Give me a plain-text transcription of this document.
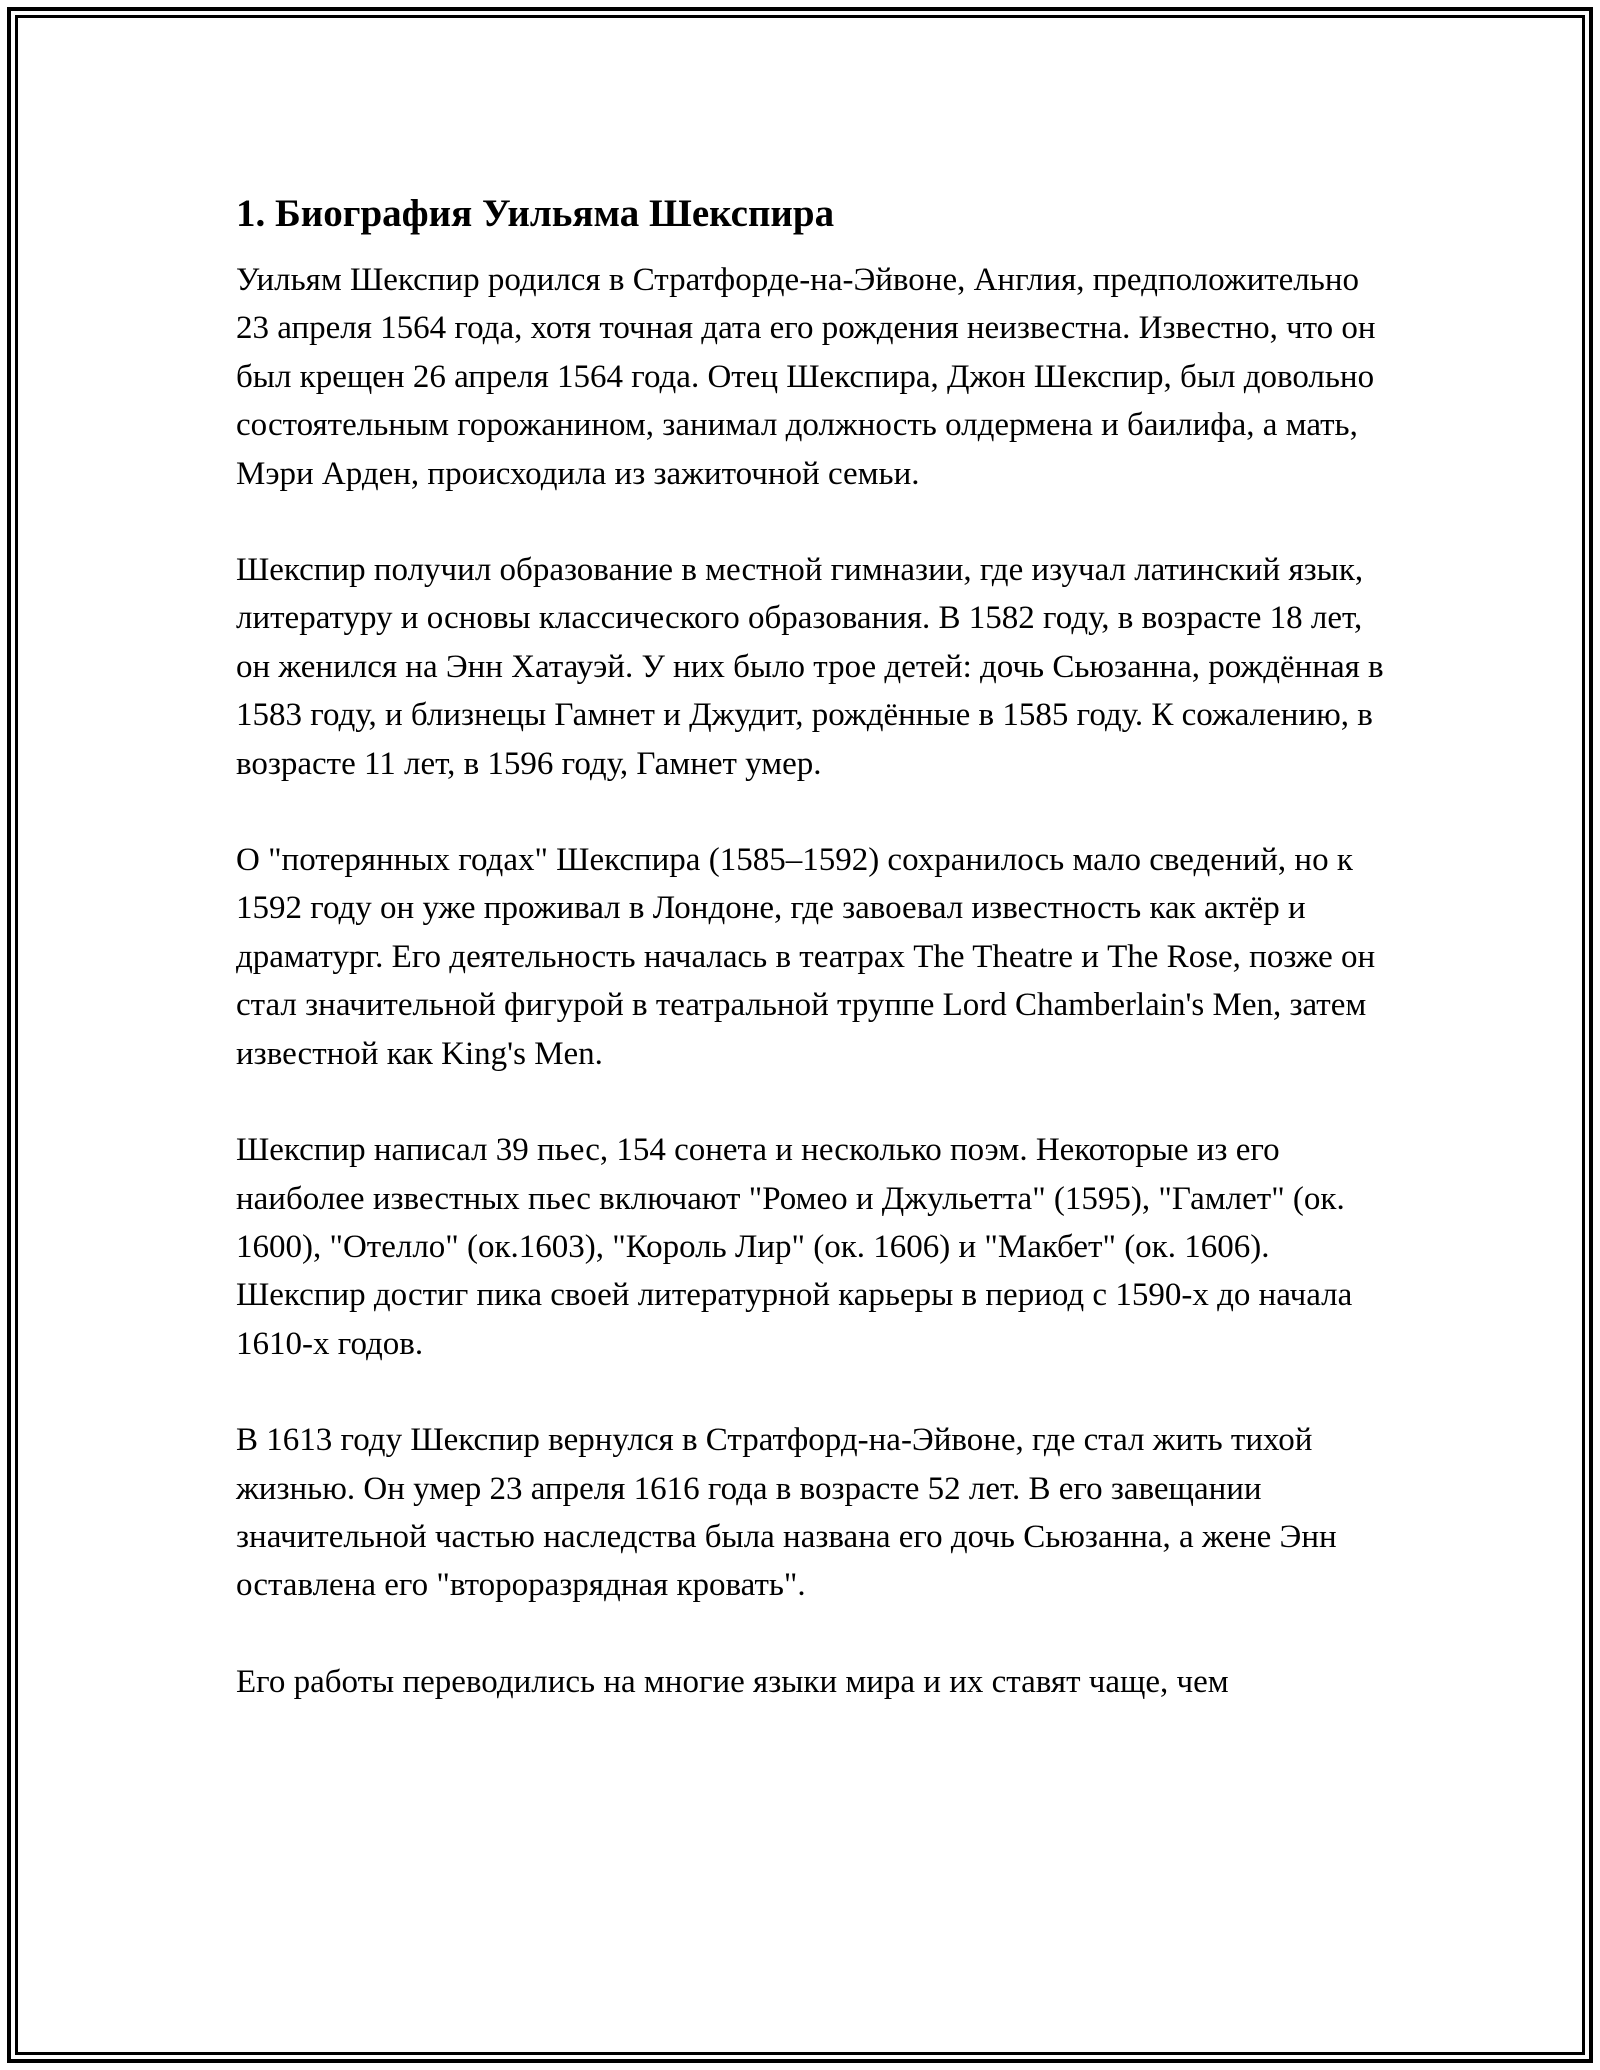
1. Биография Уильяма Шекспира

Уильям Шекспир родился в Стратфорде-на-Эйвоне, Англия, предположительно 23 апреля 1564 года, хотя точная дата его рождения неизвестна. Известно, что он был крещен 26 апреля 1564 года. Отец Шекспира, Джон Шекспир, был довольно состоятельным горожанином, занимал должность олдермена и баилифа, а мать, Мэри Арден, происходила из зажиточной семьи.

Шекспир получил образование в местной гимназии, где изучал латинский язык, литературу и основы классического образования. В 1582 году, в возрасте 18 лет, он женился на Энн Хатауэй. У них было трое детей: дочь Сьюзанна, рождённая в 1583 году, и близнецы Гамнет и Джудит, рождённые в 1585 году. К сожалению, в возрасте 11 лет, в 1596 году, Гамнет умер.

О "потерянных годах" Шекспира (1585–1592) сохранилось мало сведений, но к 1592 году он уже проживал в Лондоне, где завоевал известность как актёр и драматург. Его деятельность началась в театрах The Theatre и The Rose, позже он стал значительной фигурой в театральной труппе Lord Chamberlain's Men, затем известной как King's Men.

Шекспир написал 39 пьес, 154 сонета и несколько поэм. Некоторые из его наиболее известных пьес включают "Ромео и Джульетта" (1595), "Гамлет" (ок. 1600), "Отелло" (ок.1603), "Король Лир" (ок. 1606) и "Макбет" (ок. 1606). Шекспир достиг пика своей литературной карьеры в период с 1590-х до начала 1610-х годов.

В 1613 году Шекспир вернулся в Стратфорд-на-Эйвоне, где стал жить тихой жизнью. Он умер 23 апреля 1616 года в возрасте 52 лет. В его завещании значительной частью наследства была названа его дочь Сьюзанна, а жене Энн оставлена его "второразрядная кровать".

Его работы переводились на многие языки мира и их ставят чаще, чем
